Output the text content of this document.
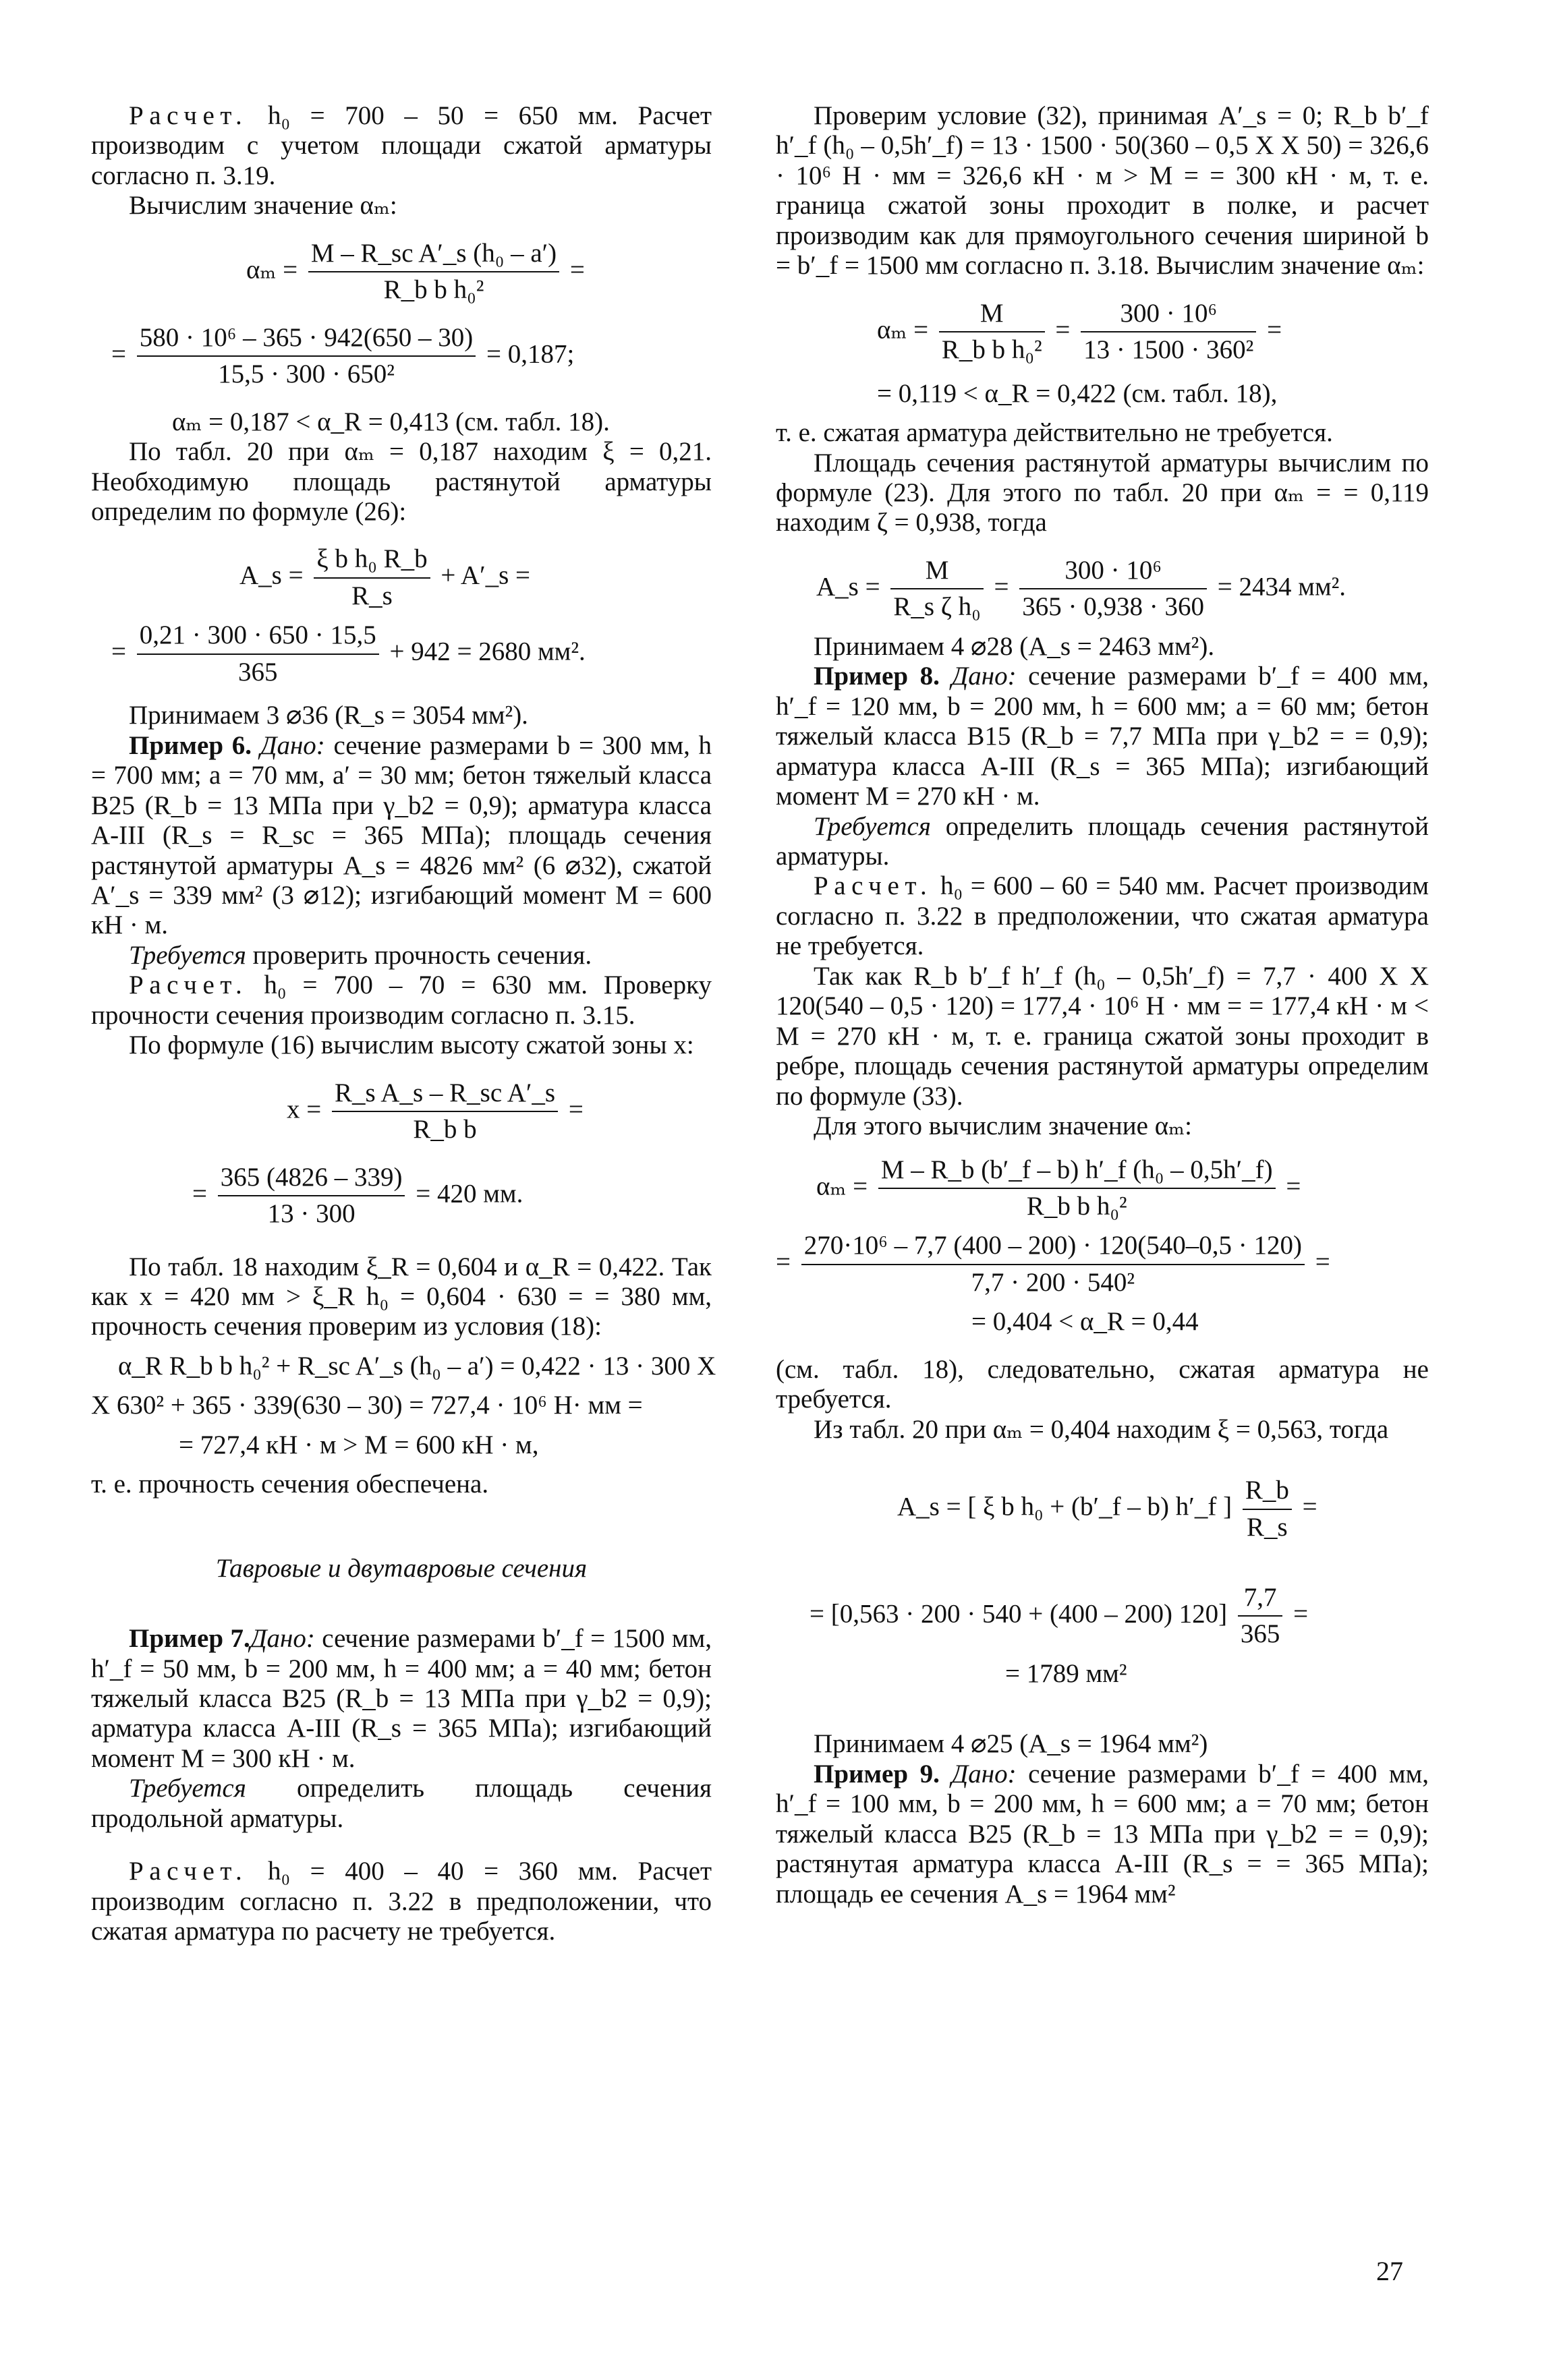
Расчет. h₀ = 700 – 50 = 650 мм. Расчет производим с учетом площади сжатой арматуры согласно п. 3.19.

Вычислим значение αₘ:

$\alpha_m = \frac{\text{M – R\_sc A′\_s (h₀ – a′)}}{\text{R\_b b h₀²}}$ =
= $\frac{\text{580 · 10⁶ – 365 · 942(650 – 30)}}{\text{15,5 · 300 · 650²}} = 0,187$;
αₘ = 0,187 < α_R = 0,413 (см. табл. 18).

По табл. 20 при αₘ = 0,187 находим ξ = 0,21. Необходимую площадь растянутой арматуры определим по формуле (26):

A_s = $\frac{\text{ξ b h₀ R\_b}}{R\_s}$ + A′_s =
= $\frac{0,21 \cdot 300 \cdot 650 \cdot 15,5}{365} + 942 = 2680$ мм².

Принимаем 3 ⌀36 (R_s = 3054 мм²).

Пример 6. Дано: сечение размерами b = 300 мм, h = 700 мм; a = 70 мм, a′ = 30 мм; бетон тяжелый класса В25 (R_b = 13 МПа при γ_b2 = 0,9); арматура класса А-III (R_s = R_sc = 365 МПа); площадь сечения растянутой арматуры A_s = 4826 мм² (6 ⌀32), сжатой A′_s = 339 мм² (3 ⌀12); изгибающий момент M = 600 кН · м.

Требуется проверить прочность сечения.

Расчет. h₀ = 700 – 70 = 630 мм. Проверку прочности сечения производим согласно п. 3.15.

По формуле (16) вычислим высоту сжатой зоны x:

$x = \frac{\text{R\_s A\_s – R\_sc A′\_s}}{\text{R\_b b}}$ =
= $\frac{365 (4826 - 339)}{13 \cdot 300} = 420$ мм.

По табл. 18 находим ξ_R = 0,604 и α_R = 0,422. Так как x = 420 мм > ξ_R h₀ = 0,604 · 630 = = 380 мм, прочность сечения проверим из условия (18):

α_R R_b b h₀² + R_sc A′_s (h₀ – a′) = 0,422 · 13 · 300 X
X 630² + 365 · 339(630 – 30) = 727,4 · 10⁶ Н· мм =
= 727,4 кН · м > M = 600 кН · м,

т. е. прочность сечения обеспечена.

Тавровые и двутавровые сечения

Пример 7.Дано: сечение размерами b′_f = 1500 мм, h′_f = 50 мм, b = 200 мм, h = 400 мм; a = 40 мм; бетон тяжелый класса В25 (R_b = 13 МПа при γ_b2 = 0,9); арматура класса А-III (R_s = 365 МПа); изгибающий момент M = 300 кН · м.

Требуется определить площадь сечения продольной арматуры.

Расчет. h₀ = 400 – 40 = 360 мм. Расчет производим согласно п. 3.22 в предположении, что сжатая арматура по расчету не требуется.

Проверим условие (32), принимая A′_s = 0; R_b b′_f h′_f (h₀ – 0,5h′_f) = 13 · 1500 · 50(360 – 0,5 X X 50) = 326,6 · 10⁶ Н · мм = 326,6 кН · м > M = = 300 кН · м, т. е. граница сжатой зоны проходит в полке, и расчет производим как для прямоугольного сечения шириной b = b′_f = 1500 мм согласно п. 3.18. Вычислим значение αₘ:

$\alpha_m = \frac{M}{\text{R\_b b h₀²}} = \frac{\text{300 · 10⁶}}{\text{13 · 1500 · 360²}}$ =
= 0,119 < α_R = 0,422 (см. табл. 18),

т. е. сжатая арматура действительно не требуется.

Площадь сечения растянутой арматуры вычислим по формуле (23). Для этого по табл. 20 при αₘ = = 0,119 находим ζ = 0,938, тогда

A_s = $\frac{M}{\text{R\_s ζ h₀}} = \frac{\text{300 · 10⁶}}{365 \cdot 0,938 \cdot 360} = 2434$ мм².

Принимаем 4 ⌀28 (A_s = 2463 мм²).

Пример 8. Дано: сечение размерами b′_f = 400 мм, h′_f = 120 мм, b = 200 мм, h = 600 мм; a = 60 мм; бетон тяжелый класса В15 (R_b = 7,7 МПа при γ_b2 = = 0,9); арматура класса А-III (R_s = 365 МПа); изгибающий момент M = 270 кН · м.

Требуется определить площадь сечения растянутой арматуры.

Расчет. h₀ = 600 – 60 = 540 мм. Расчет производим согласно п. 3.22 в предположении, что сжатая арматура не требуется.

Так как R_b b′_f h′_f (h₀ – 0,5h′_f) = 7,7 · 400 X X 120(540 – 0,5 · 120) = 177,4 · 10⁶ Н · мм = = 177,4 кН · м < M = 270 кН · м, т. е. граница сжатой зоны проходит в ребре, площадь сечения растянутой арматуры определим по формуле (33).

Для этого вычислим значение αₘ:

$\alpha_m = \frac{\text{M – R\_b (b′\_f – b) h′\_f (h₀ – 0,5h′\_f)}}{\text{R\_b b h₀²}}$ =
= $\frac{\text{270·10⁶ – 7,7 (400 – 200) · 120(540–0,5 · 120)}}{\text{7,7 · 200 · 540²}}$ =
= 0,404 < α_R = 0,44

(см. табл. 18), следовательно, сжатая арматура не требуется.

Из табл. 20 при αₘ = 0,404 находим ξ = 0,563, тогда

A_s = [ ξ b h₀ + (b′_f – b) h′_f ] $\frac{R\_b}{R\_s}$ =
= [0,563 · 200 · 540 + (400 – 200) $120] \frac{7,7}{365}$ =
= 1789 мм²

Принимаем 4 ⌀25 (A_s = 1964 мм²)

Пример 9. Дано: сечение размерами b′_f = 400 мм, h′_f = 100 мм, b = 200 мм, h = 600 мм; a = 70 мм; бетон тяжелый класса В25 (R_b = 13 МПа при γ_b2 = = 0,9); растянутая арматура класса А-III (R_s = = 365 МПа); площадь ее сечения A_s = 1964 мм²

27
